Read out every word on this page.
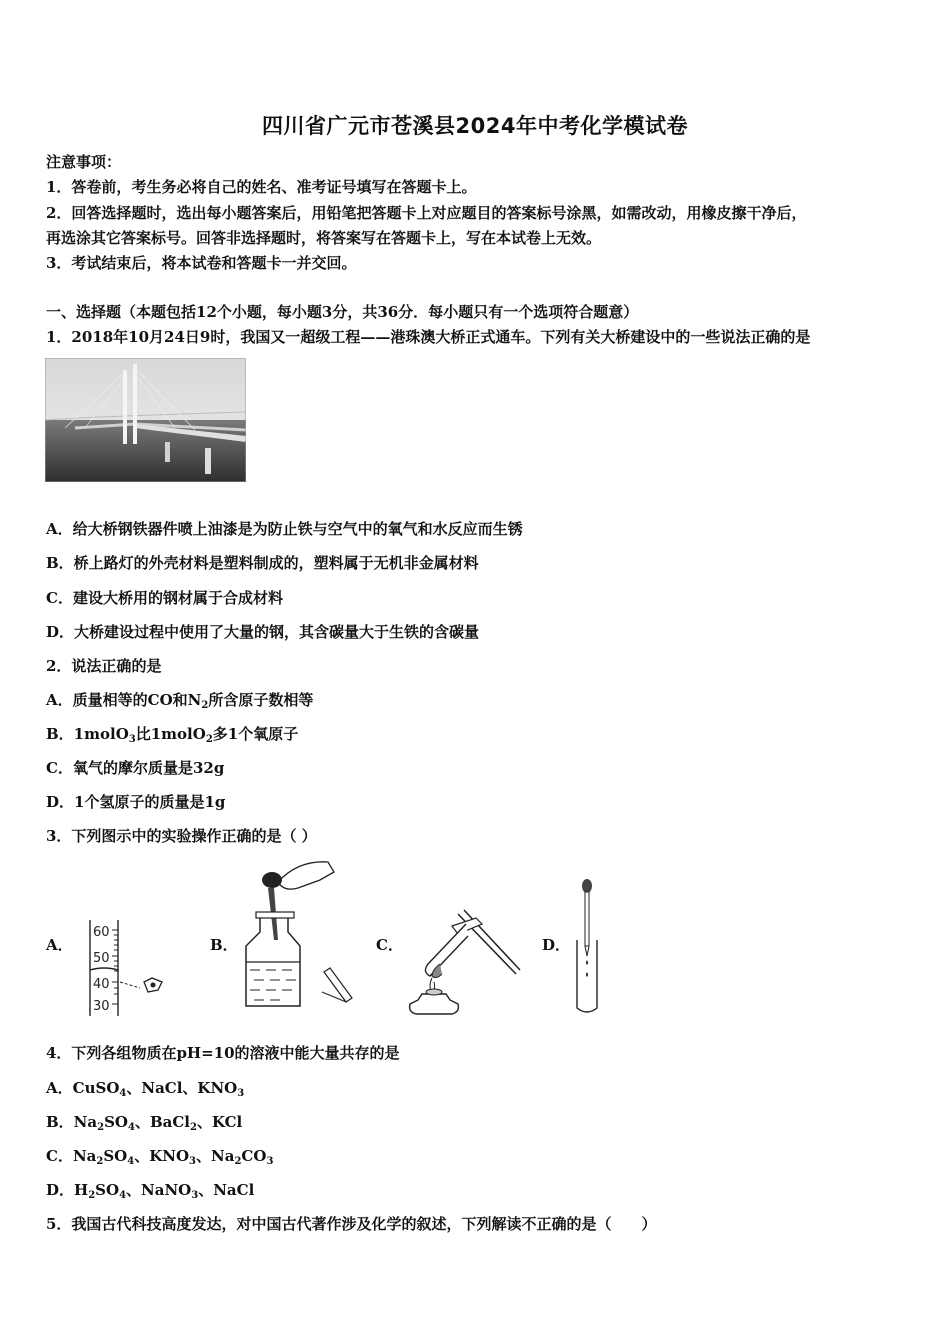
四川省广元市苍溪县2024年中考化学模试卷
注意事项：
1．答卷前，考生务必将自己的姓名、准考证号填写在答题卡上。
2．回答选择题时，选出每小题答案后，用铅笔把答题卡上对应题目的答案标号涂黑，如需改动，用橡皮擦干净后，
再选涂其它答案标号。回答非选择题时，将答案写在答题卡上，写在本试卷上无效。
3．考试结束后，将本试卷和答题卡一并交回。
一、选择题（本题包括12个小题，每小题3分，共36分．每小题只有一个选项符合题意）
1．2018年10月24日9时，我国又一超级工程——港珠澳大桥正式通车。下列有关大桥建设中的一些说法正确的是
A．给大桥钢铁器件喷上油漆是为防止铁与空气中的氧气和水反应而生锈
B．桥上路灯的外壳材料是塑料制成的，塑料属于无机非金属材料
C．建设大桥用的钢材属于合成材料
D．大桥建设过程中使用了大量的钢，其含碳量大于生铁的含碳量
2．说法正确的是
A．质量相等的CO和$N_2$所含原子数相等
B．1molO$_3$比1molO$_2$多1个氧原子
C．氧气的摩尔质量是32g
D．1个氢原子的质量是1g
3．下列图示中的实验操作正确的是（ ）
A．
60
50
40
30
B．	C．	D．
4．下列各组物质在pH=10的溶液中能大量共存的是
A．CuSO$_4$、NaCl、$KNO_3$
B．$Na_2SO_4$、BaCl$_2$、KCl
C．$Na_2SO_4$、$KNO_3$、$Na_2CO_3$
D．$H_2SO_4$、NaNO$_3$、NaCl
5．我国古代科技高度发达，对中国古代著作涉及化学的叙述，下列解读不正确的是（　　）
